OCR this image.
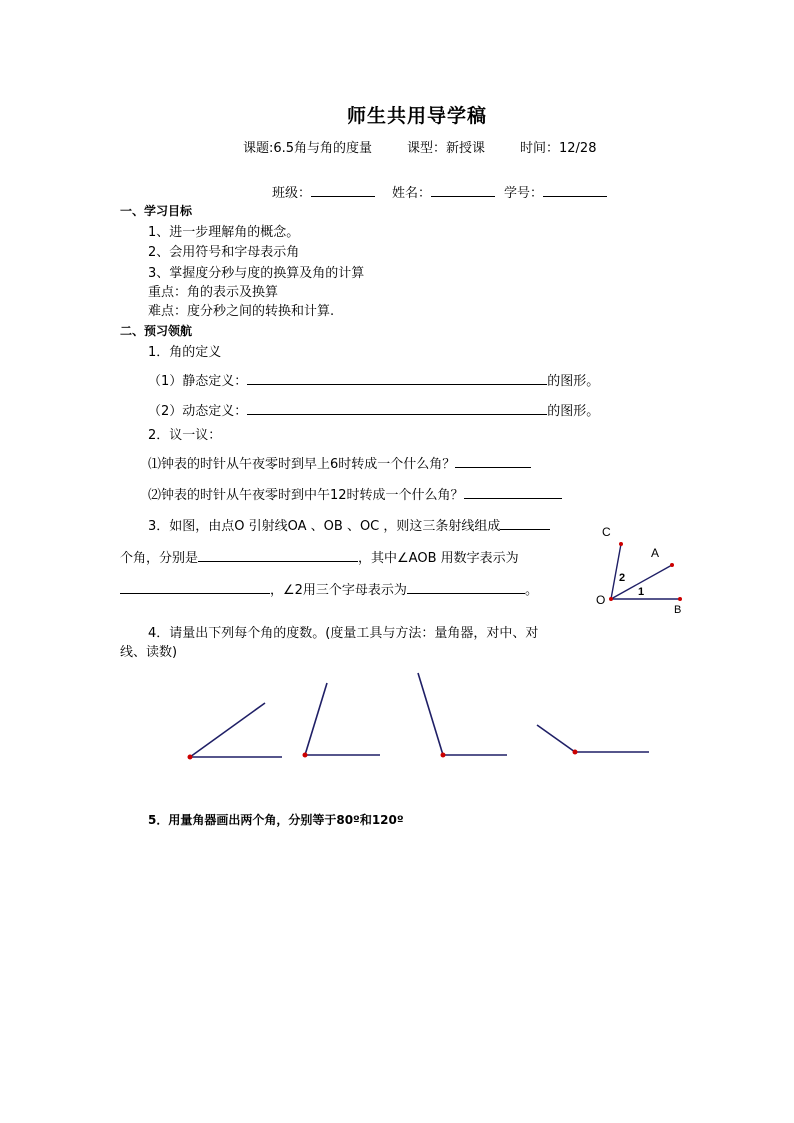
师生共用导学稿
课题:6.5角与角的度量	课型：新授课	时间：12/28
班级：	姓名：	学号：
一、学习目标
1、进一步理解角的概念。
2、会用符号和字母表示角
3、掌握度分秒与度的换算及角的计算
重点：角的表示及换算
难点：度分秒之间的转换和计算.
二、预习领航
1．角的定义
（1）静态定义：	的图形。
（2）动态定义：	的图形。
2．议一议：
⑴钟表的时针从午夜零时到早上6时转成一个什么角？
⑵钟表的时针从午夜零时到中午12时转成一个什么角？
3．如图，由点O 引射线OA 、OB 、OC ，则这三条射线组成
个角，分别是	，其中∠AOB 用数字表示为
，∠2用三个字母表示为	。
C
A
O
B
1
2
4．请量出下列每个角的度数。(度量工具与方法：量角器，对中、对
线、读数)
5．用量角器画出两个角，分别等于80º和120º
